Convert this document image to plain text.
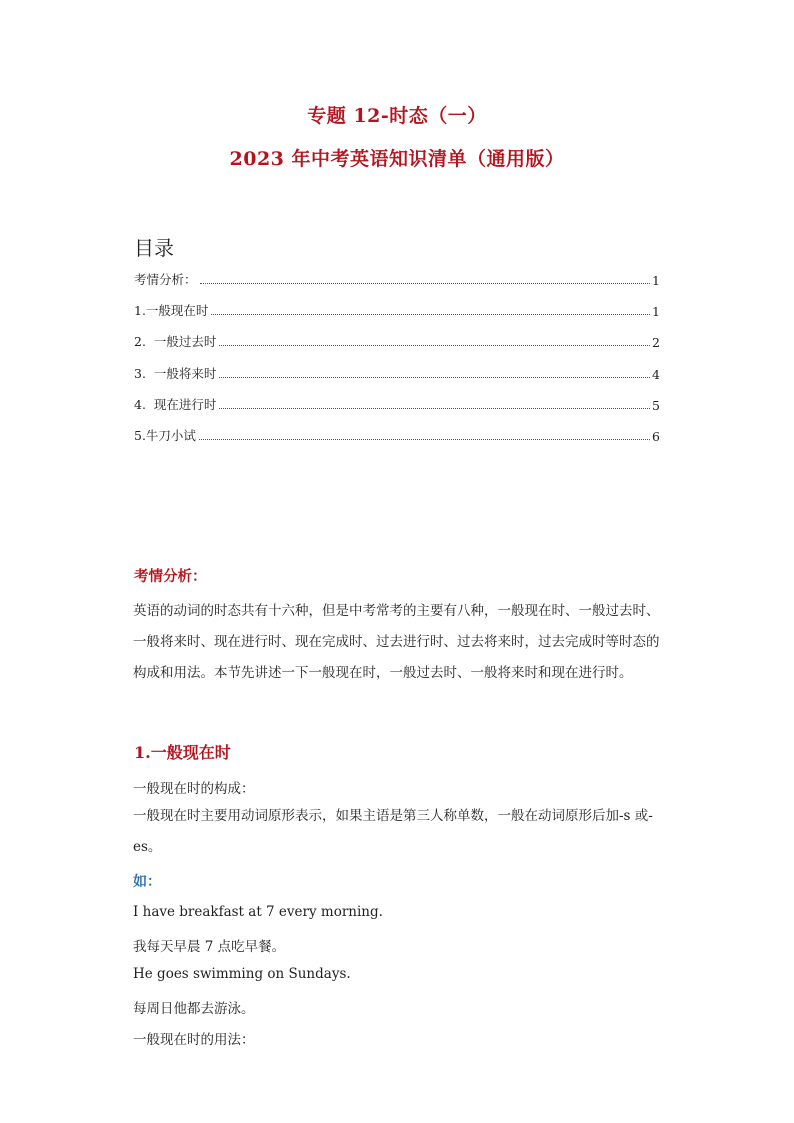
专题 12-时态（一）
2023 年中考英语知识清单（通用版）
目录
考情分析：	1
1.一般现在时	1
2.  一般过去时	2
3.  一般将来时	4
4.  现在进行时	5
5.牛刀小试	6
考情分析：
英语的动词的时态共有十六种，但是中考常考的主要有八种，一般现在时、一般过去时、一般将来时、现在进行时、现在完成时、过去进行时、过去将来时，过去完成时等时态的构成和用法。本节先讲述一下一般现在时，一般过去时、一般将来时和现在进行时。
1.一般现在时
一般现在时的构成：
一般现在时主要用动词原形表示，如果主语是第三人称单数，一般在动词原形后加-s 或-es。
如：
I have breakfast at 7 every morning.
我每天早晨 7 点吃早餐。
He goes swimming on Sundays.
每周日他都去游泳。
一般现在时的用法：
